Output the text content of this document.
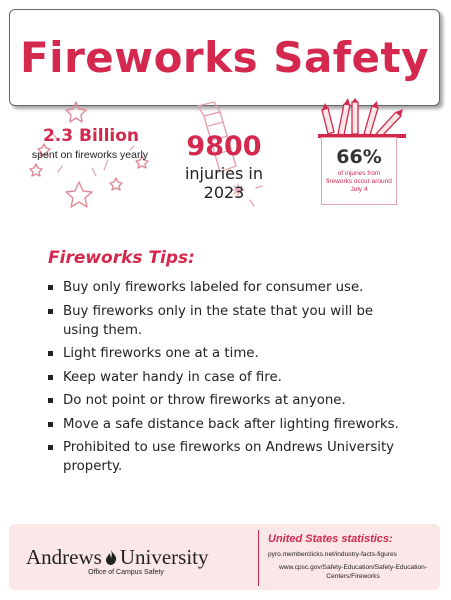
Fireworks Safety
2.3 Billion
spent on fireworks yearly	9800
injuries in 2023
66%
of injuries from fireworks occur around July 4
Fireworks Tips:
Buy only fireworks labeled for consumer use.
Buy fireworks only in the state that you will be using them.
Light fireworks one at a time.
Keep water handy in case of fire.
Do not point or throw fireworks at anyone.
Move a safe distance back after lighting fireworks.
Prohibited to use fireworks on Andrews University property.
Andrews University
Office of Campus Safety
United States statistics:
pyro.memberclicks.net/industry-facts-figures
www.cpsc.gov/Safety-Education/Safety-Education-Centers/Fireworks
